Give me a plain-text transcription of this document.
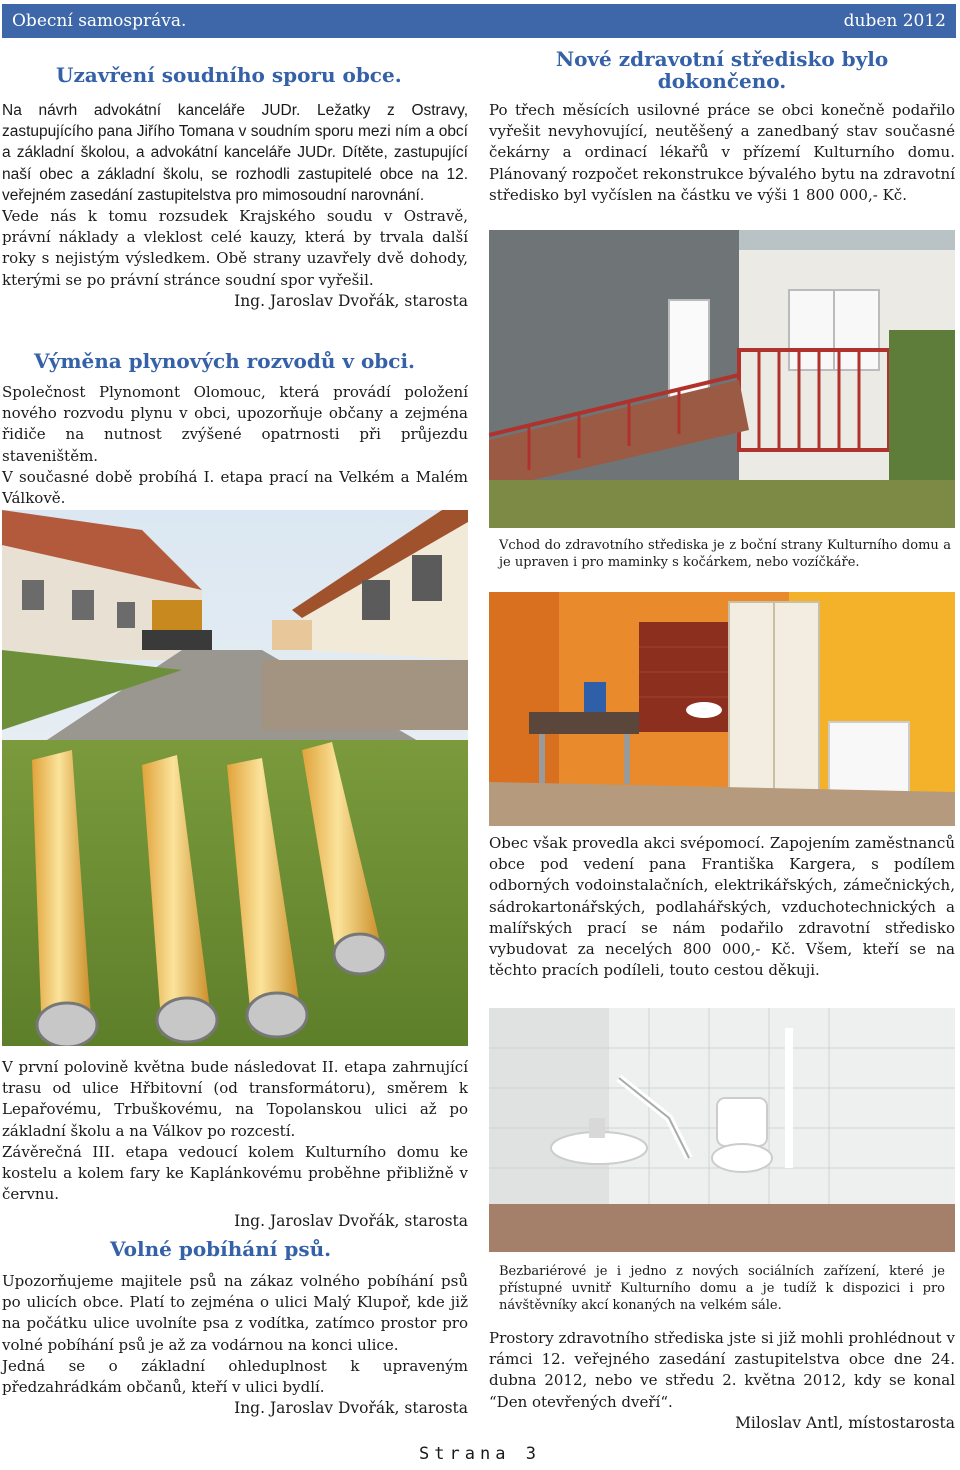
Obecní samospráva.	duben 2012
Uzavření soudního sporu obce.

Na návrh advokátní kanceláře JUDr. Ležatky z Ostravy, zastupujícího pana Jiřího Tomana v soudním sporu mezi ním a obcí a základní školou, a advokátní kanceláře JUDr. Dítěte, zastupující naší obec a základní školu, se rozhodli zastupitelé obce na 12. veřejném zasedání zastupitelstva pro mimosoudní narovnání.

Vede nás k tomu rozsudek Krajského soudu v Ostravě, právní náklady a vleklost celé kauzy, která by trvala další roky s nejistým výsledkem. Obě strany uzavřely dvě dohody, kterými se po právní stránce soudní spor vyřešil.

Ing. Jaroslav Dvořák, starosta
Výměna plynových rozvodů v obci.

Společnost Plynomont Olomouc, která provádí položení nového rozvodu plynu v obci, upozorňuje občany a zejména řidiče na nutnost zvýšené opatrnosti při průjezdu staveništěm.

V současné době probíhá I. etapa prací na Velkém a Malém Válkově.

V první polovině května bude následovat II. etapa zahrnující trasu od ulice Hřbitovní (od transformátoru), směrem k Lepařovému, Trbuškovému, na Topolanskou ulici až po základní školu a na Válkov po rozcestí.

Závěrečná III. etapa vedoucí kolem Kulturního domu ke kostelu a kolem fary ke Kaplánkovému proběhne přibližně v červnu.

Ing. Jaroslav Dvořák, starosta
Volné pobíhání psů.

Upozorňujeme majitele psů na zákaz volného pobíhání psů po ulicích obce. Platí to zejména o ulici Malý Klupoř, kde již na počátku ulice uvolníte psa z vodítka, zatímco prostor pro volné pobíhání psů je až za vodárnou na konci ulice.

Jedná se o základní ohleduplnost k upraveným předzahrádkám občanů, kteří v ulici bydlí.

Ing. Jaroslav Dvořák, starosta
Nové zdravotní středisko bylo
dokončeno.

Po třech měsících usilovné práce se obci konečně podařilo vyřešit nevyhovující, neutěšený a zanedbaný stav současné čekárny a ordinací lékařů v přízemí Kulturního domu. Plánovaný rozpočet rekonstrukce bývalého bytu na zdravotní středisko byl vyčíslen na částku ve výši 1 800 000,- Kč.

Vchod do zdravotního střediska je z boční strany Kulturního domu a je upraven i pro maminky s kočárkem, nebo vozíčkáře.

Obec však provedla akci svépomocí. Zapojením zaměstnanců obce pod vedení pana Františka Kargera, s podílem odborných vodoinstalačních, elektrikářských, zámečnických, sádrokartonářských, podlahářských, vzduchotechnických a malířských prací se nám podařilo zdravotní středisko vybudovat za necelých 800 000,- Kč. Všem, kteří se na těchto pracích podíleli, touto cestou děkuji.

Bezbariérové je i jedno z nových sociálních zařízení, které je přístupné uvnitř Kulturního domu a je tudíž k dispozici i pro návštěvníky akcí konaných na velkém sále.

Prostory zdravotního střediska jste si již mohli prohlédnout v rámci 12. veřejného zasedání zastupitelstva obce dne 24. dubna 2012, nebo ve středu 2. května 2012, kdy se konal “Den otevřených dveří“.

Miloslav Antl, místostarosta
Strana 3
